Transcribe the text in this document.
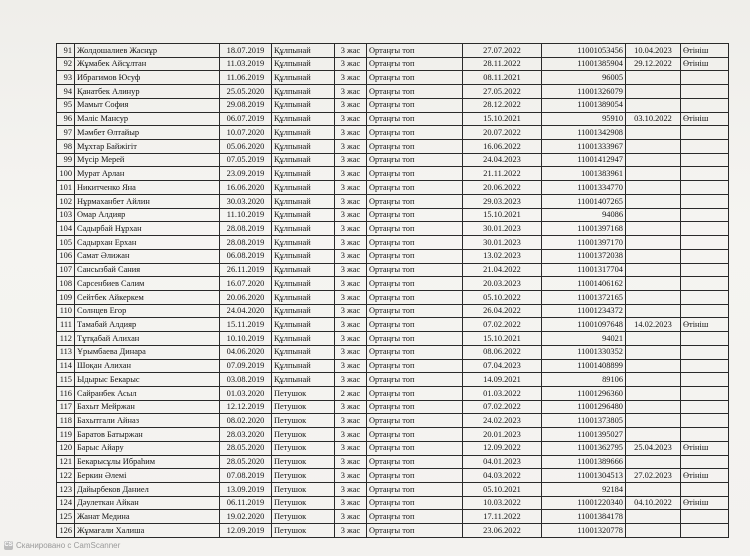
91	Жолдошалиев Жаснұр	18.07.2019	Құлпынай	3 жас	Ортаңғы топ	27.07.2022	11001053456	10.04.2023	Өтініш
92	Жұмабек Айсұлтан	11.03.2019	Құлпынай	3 жас	Ортаңғы топ	28.11.2022	11001385904	29.12.2022	Өтініш
93	Ибрагимов Юсуф	11.06.2019	Құлпынай	3 жас	Ортаңғы топ	08.11.2021	96005		
94	Қанатбек Алинур	25.05.2020	Құлпынай	3 жас	Ортаңғы топ	27.05.2022	11001326079		
95	Мамыт София	29.08.2019	Құлпынай	3 жас	Ортаңғы топ	28.12.2022	11001389054		
96	Мәліс Мансур	06.07.2019	Құлпынай	3 жас	Ортаңғы топ	15.10.2021	95910	03.10.2022	Өтініш
97	Мәмбет Өлтайыр	10.07.2020	Құлпынай	3 жас	Ортаңғы топ	20.07.2022	11001342908		
98	Мұхтар Байжігіт	05.06.2020	Құлпынай	3 жас	Ортаңғы топ	16.06.2022	11001333967		
99	Мүсір Мерей	07.05.2019	Құлпынай	3 жас	Ортаңғы топ	24.04.2023	11001412947		
100	Мурат Арлан	23.09.2019	Құлпынай	3 жас	Ортаңғы топ	21.11.2022	1001383961		
101	Никитченко Яна	16.06.2020	Құлпынай	3 жас	Ортаңғы топ	20.06.2022	11001334770		
102	Нұрмаханбет Айлин	30.03.2020	Құлпынай	3 жас	Ортаңғы топ	29.03.2023	11001407265		
103	Омар Алдияр	11.10.2019	Құлпынай	3 жас	Ортаңғы топ	15.10.2021	94086		
104	Садырбай Нұрхан	28.08.2019	Құлпынай	3 жас	Ортаңғы топ	30.01.2023	11001397168		
105	Садырхан Ерхан	28.08.2019	Құлпынай	3 жас	Ортаңғы топ	30.01.2023	11001397170		
106	Самат Әлижан	06.08.2019	Құлпынай	3 жас	Ортаңғы топ	13.02.2023	11001372038		
107	Сансызбай Сания	26.11.2019	Құлпынай	3 жас	Ортаңғы топ	21.04.2022	11001317704		
108	Сарсенбиев Салим	16.07.2020	Құлпынай	3 жас	Ортаңғы топ	20.03.2023	11001406162		
109	Сейтбек Айкеркем	20.06.2020	Құлпынай	3 жас	Ортаңғы топ	05.10.2022	11001372165		
110	Солнцев Егор	24.04.2020	Құлпынай	3 жас	Ортаңғы топ	26.04.2022	11001234372		
111	Тамабай Алдияр	15.11.2019	Құлпынай	3 жас	Ортаңғы топ	07.02.2022	11001097648	14.02.2023	Өтініш
112	Тұтқабай Алихан	10.10.2019	Құлпынай	3 жас	Ортаңғы топ	15.10.2021	94021		
113	Ұрымбаева Динара	04.06.2020	Құлпынай	3 жас	Ортаңғы топ	08.06.2022	11001330352		
114	Шоқан Алихан	07.09.2019	Құлпынай	3 жас	Ортаңғы топ	07.04.2023	11001408899		
115	Ыдырыс Бекарыс	03.08.2019	Құлпынай	3 жас	Ортаңғы топ	14.09.2021	89106		
116	Сайранбек Асыл	01.03.2020	Петушок	2 жас	Ортаңғы топ	01.03.2022	11001296360		
117	Бахыт Мейржан	12.12.2019	Петушок	3 жас	Ортаңғы топ	07.02.2022	11001296480		
118	Бахытгали Айназ	08.02.2020	Петушок	3 жас	Ортаңғы топ	24.02.2023	11001373805		
119	Баратов Батыржан	28.03.2020	Петушок	3 жас	Ортаңғы топ	20.01.2023	11001395027		
120	Барыс Айару	28.05.2020	Петушок	3 жас	Ортаңғы топ	12.09.2022	11001362795	25.04.2023	Өтініш
121	Бекарысұлы Ибраhим	28.05.2020	Петушок	3 жас	Ортаңғы топ	04.01.2023	11001389666		
122	Беркин Әлемі	07.08.2019	Петушок	3 жас	Ортаңғы топ	04.03.2022	11001304513	27.02.2023	Өтініш
123	Дайырбеков Даниел	13.09.2019	Петушок	3 жас	Ортаңғы топ	05.10.2021	92184		
124	Дәулеткан Айкан	06.11.2019	Петушок	3 жас	Ортаңғы топ	10.03.2022	11001220340	04.10.2022	Өтініш
125	Жанат Медина	19.02.2020	Петушок	3 жас	Ортаңғы топ	17.11.2022	11001384178		
126	Жұмағали Халиша	12.09.2019	Петушок	3 жас	Ортаңғы топ	23.06.2022	11001320778		
CS Сканировано с CamScanner
